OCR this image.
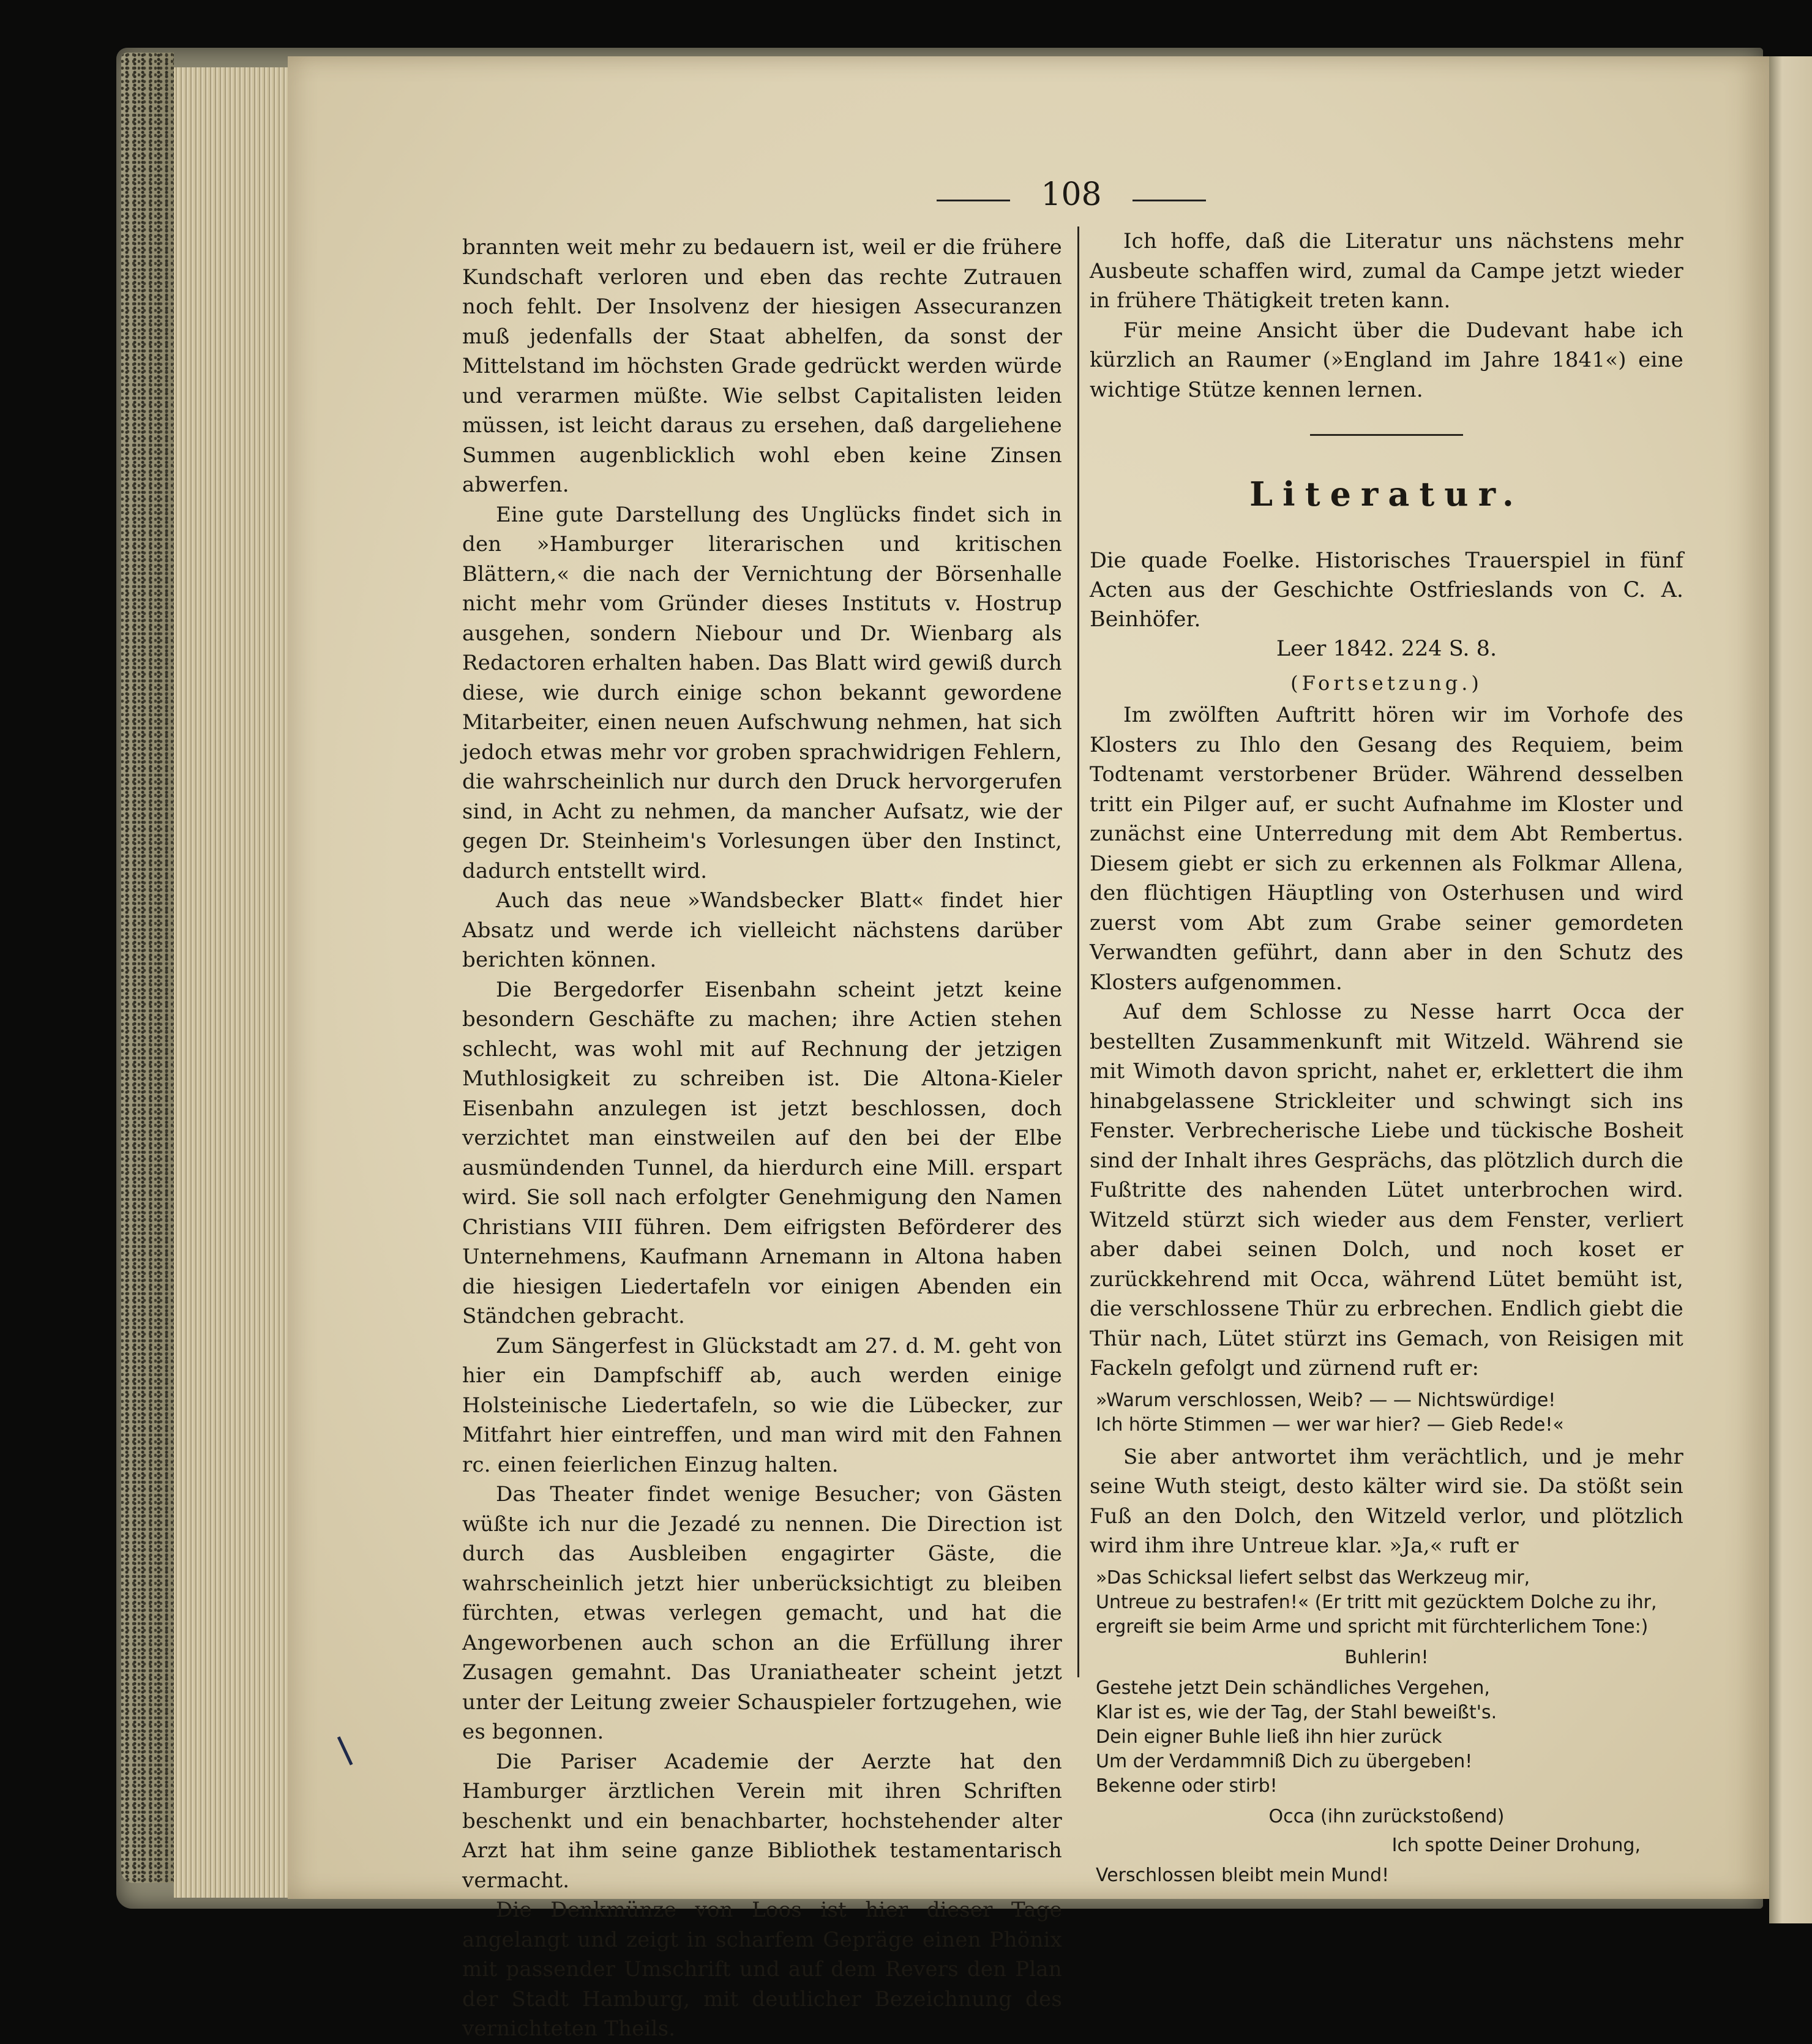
108

brannten weit mehr zu bedauern ist, weil er die frühere Kundschaft verloren und eben das rechte Zutrauen noch fehlt. Der Insolvenz der hiesigen Assecuranzen muß jedenfalls der Staat abhelfen, da sonst der Mittelstand im höchsten Grade gedrückt werden würde und verarmen müßte. Wie selbst Capitalisten leiden müssen, ist leicht daraus zu ersehen, daß dargeliehene Summen augenblicklich wohl eben keine Zinsen abwerfen.

Eine gute Darstellung des Unglücks findet sich in den »Hamburger literarischen und kritischen Blättern,« die nach der Vernichtung der Börsenhalle nicht mehr vom Gründer dieses Instituts v. Hostrup ausgehen, sondern Niebour und Dr. Wienbarg als Redactoren erhalten haben. Das Blatt wird gewiß durch diese, wie durch einige schon bekannt gewordene Mitarbeiter, einen neuen Aufschwung nehmen, hat sich jedoch etwas mehr vor groben sprachwidrigen Fehlern, die wahrscheinlich nur durch den Druck hervorgerufen sind, in Acht zu nehmen, da mancher Aufsatz, wie der gegen Dr. Steinheim's Vorlesungen über den Instinct, dadurch entstellt wird.

Auch das neue »Wandsbecker Blatt« findet hier Absatz und werde ich vielleicht nächstens darüber berichten können.

Die Bergedorfer Eisenbahn scheint jetzt keine besondern Geschäfte zu machen; ihre Actien stehen schlecht, was wohl mit auf Rechnung der jetzigen Muthlosigkeit zu schreiben ist. Die Altona-Kieler Eisenbahn anzulegen ist jetzt beschlossen, doch verzichtet man einstweilen auf den bei der Elbe ausmündenden Tunnel, da hierdurch eine Mill. erspart wird. Sie soll nach erfolgter Genehmigung den Namen Christians VIII führen. Dem eifrigsten Beförderer des Unternehmens, Kaufmann Arnemann in Altona haben die hiesigen Liedertafeln vor einigen Abenden ein Ständchen gebracht.

Zum Sängerfest in Glückstadt am 27. d. M. geht von hier ein Dampfschiff ab, auch werden einige Holsteinische Liedertafeln, so wie die Lübecker, zur Mitfahrt hier eintreffen, und man wird mit den Fahnen rc. einen feierlichen Einzug halten.

Das Theater findet wenige Besucher; von Gästen wüßte ich nur die Jezadé zu nennen. Die Direction ist durch das Ausbleiben engagirter Gäste, die wahrscheinlich jetzt hier unberücksichtigt zu bleiben fürchten, etwas verlegen gemacht, und hat die Angeworbenen auch schon an die Erfüllung ihrer Zusagen gemahnt. Das Uraniatheater scheint jetzt unter der Leitung zweier Schauspieler fortzugehen, wie es begonnen.

Die Pariser Academie der Aerzte hat den Hamburger ärztlichen Verein mit ihren Schriften beschenkt und ein benachbarter, hochstehender alter Arzt hat ihm seine ganze Bibliothek testamentarisch vermacht.

Die Denkmünze von Loos ist hier dieser Tage angelangt und zeigt in scharfem Gepräge einen Phönix mit passender Umschrift und auf dem Revers den Plan der Stadt Hamburg, mit deutlicher Bezeichnung des vernichteten Theils.

Ich hoffe, daß die Literatur uns nächstens mehr Ausbeute schaffen wird, zumal da Campe jetzt wieder in frühere Thätigkeit treten kann.

Für meine Ansicht über die Dudevant habe ich kürzlich an Raumer (»England im Jahre 1841«) eine wichtige Stütze kennen lernen.

Literatur.

Die quade Foelke. Historisches Trauerspiel in fünf Acten aus der Geschichte Ostfrieslands von C. A. Beinhöfer.

Leer 1842. 224 S. 8.

(Fortsetzung.)

Im zwölften Auftritt hören wir im Vorhofe des Klosters zu Ihlo den Gesang des Requiem, beim Todtenamt verstorbener Brüder. Während desselben tritt ein Pilger auf, er sucht Aufnahme im Kloster und zunächst eine Unterredung mit dem Abt Rembertus. Diesem giebt er sich zu erkennen als Folkmar Allena, den flüchtigen Häuptling von Osterhusen und wird zuerst vom Abt zum Grabe seiner gemordeten Verwandten geführt, dann aber in den Schutz des Klosters aufgenommen.

Auf dem Schlosse zu Nesse harrt Occa der bestellten Zusammenkunft mit Witzeld. Während sie mit Wimoth davon spricht, nahet er, erklettert die ihm hinabgelassene Strickleiter und schwingt sich ins Fenster. Verbrecherische Liebe und tückische Bosheit sind der Inhalt ihres Gesprächs, das plötzlich durch die Fußtritte des nahenden Lütet unterbrochen wird. Witzeld stürzt sich wieder aus dem Fenster, verliert aber dabei seinen Dolch, und noch koset er zurückkehrend mit Occa, während Lütet bemüht ist, die verschlossene Thür zu erbrechen. Endlich giebt die Thür nach, Lütet stürzt ins Gemach, von Reisigen mit Fackeln gefolgt und zürnend ruft er:

»Warum verschlossen, Weib? — — Nichtswürdige!
Ich hörte Stimmen — wer war hier? — Gieb Rede!«

Sie aber antwortet ihm verächtlich, und je mehr seine Wuth steigt, desto kälter wird sie. Da stößt sein Fuß an den Dolch, den Witzeld verlor, und plötzlich wird ihm ihre Untreue klar. »Ja,« ruft er

»Das Schicksal liefert selbst das Werkzeug mir,
Untreue zu bestrafen!« (Er tritt mit gezücktem Dolche zu ihr,
ergreift sie beim Arme und spricht mit fürchterlichem Tone:)

Buhlerin!

Gestehe jetzt Dein schändliches Vergehen,
Klar ist es, wie der Tag, der Stahl beweißt's.
Dein eigner Buhle ließ ihn hier zurück
Um der Verdammniß Dich zu übergeben!
Bekenne oder stirb!

Occa (ihn zurückstoßend)

Ich spotte Deiner Drohung,

Verschlossen bleibt mein Mund!
